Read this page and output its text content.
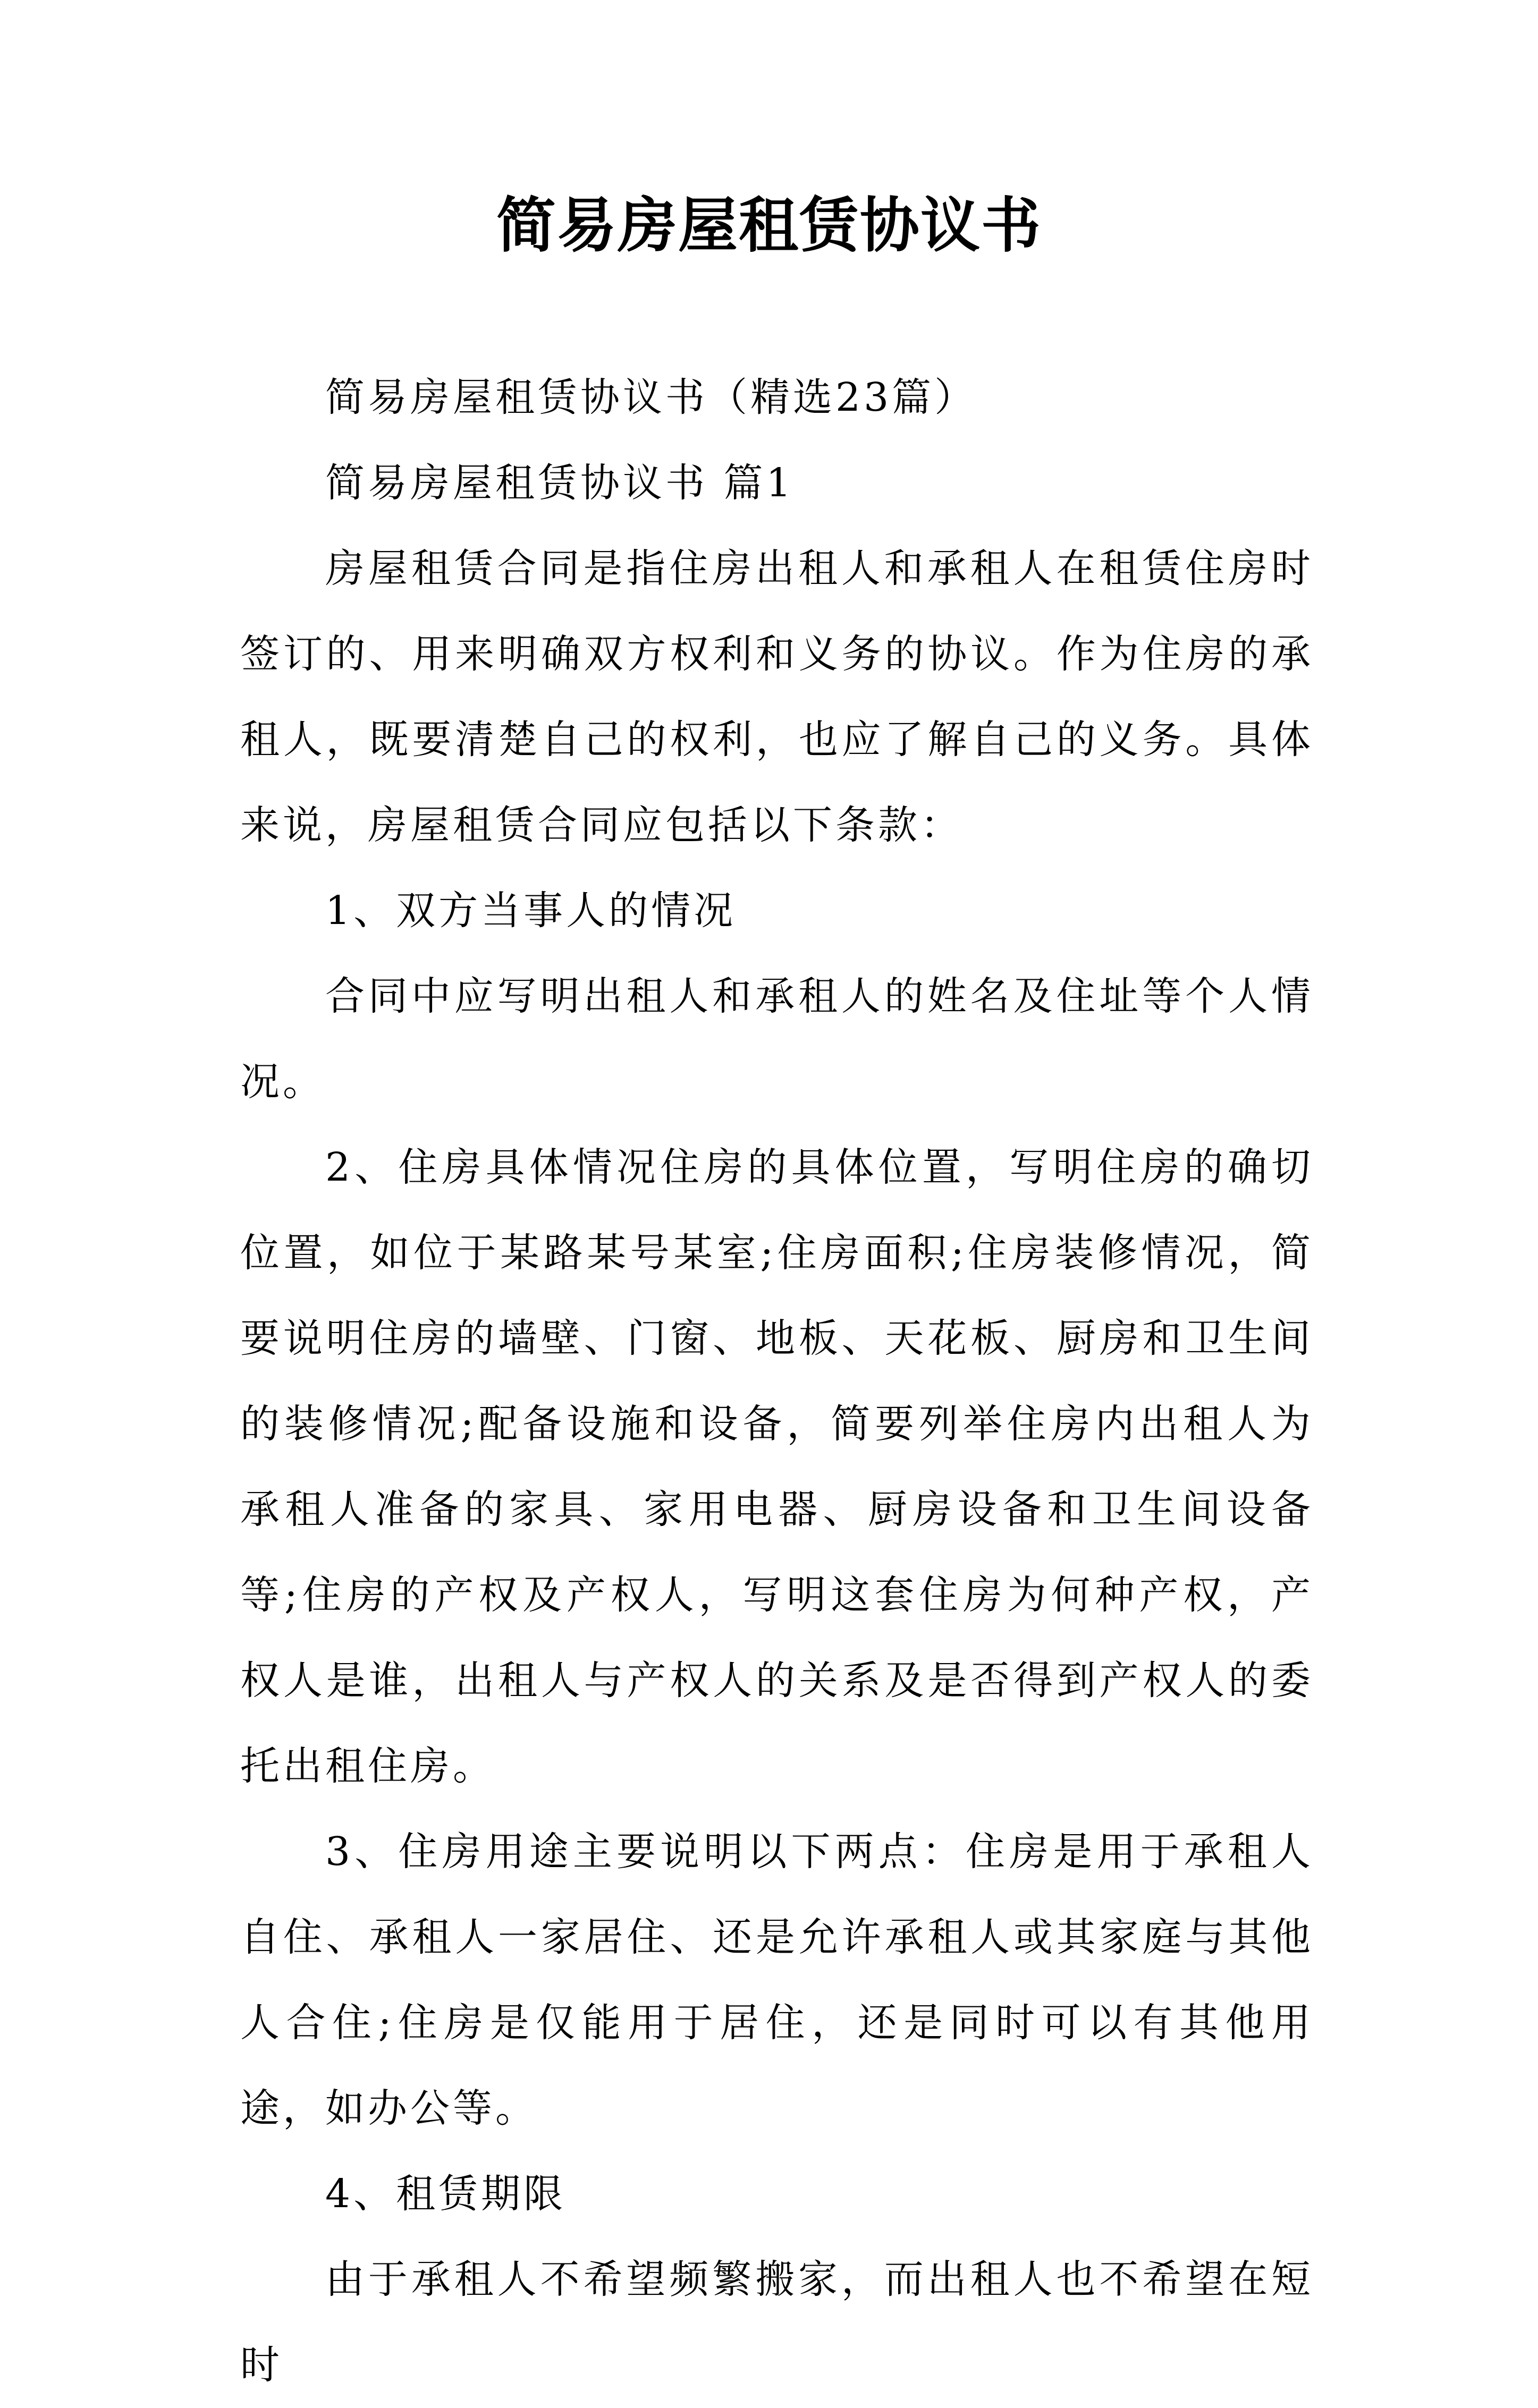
简易房屋租赁协议书

简易房屋租赁协议书（精选23篇）

简易房屋租赁协议书 篇1

房屋租赁合同是指住房出租人和承租人在租赁住房时签订的、用来明确双方权利和义务的协议。作为住房的承租人，既要清楚自己的权利，也应了解自己的义务。具体来说，房屋租赁合同应包括以下条款：

1、双方当事人的情况

合同中应写明出租人和承租人的姓名及住址等个人情况。

2、住房具体情况住房的具体位置，写明住房的确切位置，如位于某路某号某室;住房面积;住房装修情况，简要说明住房的墙壁、门窗、地板、天花板、厨房和卫生间的装修情况;配备设施和设备，简要列举住房内出租人为承租人准备的家具、家用电器、厨房设备和卫生间设备等;住房的产权及产权人，写明这套住房为何种产权，产权人是谁，出租人与产权人的关系及是否得到产权人的委托出租住房。

3、住房用途主要说明以下两点：住房是用于承租人自住、承租人一家居住、还是允许承租人或其家庭与其他人合住;住房是仅能用于居住，还是同时可以有其他用途，如办公等。

4、租赁期限

由于承租人不希望频繁搬家，而出租人也不希望在短时
